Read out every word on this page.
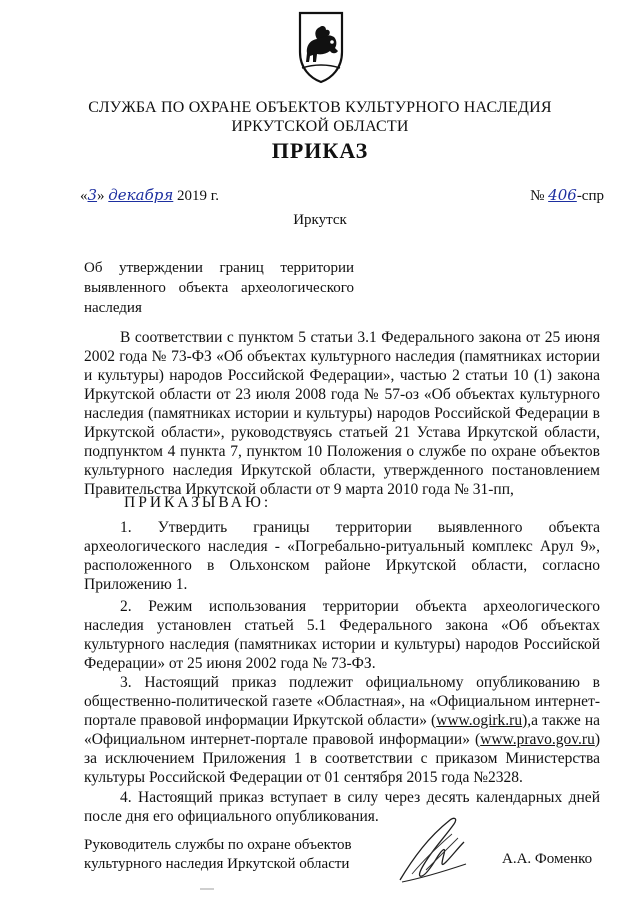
СЛУЖБА ПО ОХРАНЕ ОБЪЕКТОВ КУЛЬТУРНОГО НАСЛЕДИЯ
ИРКУТСКОЙ ОБЛАСТИ
ПРИКАЗ
«3» декабря 2019 г.	№ 406-спр
Иркутск
Об утверждении границ территории выявленного объекта археологического наследия
В соответствии с пунктом 5 статьи 3.1 Федерального закона от 25 июня 2002 года № 73-ФЗ «Об объектах культурного наследия (памятниках истории и культуры) народов Российской Федерации», частью 2 статьи 10 (1) закона Иркутской области от 23 июля 2008 года № 57-оз «Об объектах культурного наследия (памятниках истории и культуры) народов Российской Федерации в Иркутской области», руководствуясь статьей 21 Устава Иркутской области, подпунктом 4 пункта 7, пунктом 10 Положения о службе по охране объектов культурного наследия Иркутской области, утвержденного постановлением Правительства Иркутской области от 9 марта 2010 года № 31-пп,
ПРИКАЗЫВАЮ:
1. Утвердить границы территории выявленного объекта археологического наследия - «Погребально-ритуальный комплекс Арул 9», расположенного в Ольхонском районе Иркутской области, согласно Приложению 1.
2. Режим использования территории объекта археологического наследия установлен статьей 5.1 Федерального закона «Об объектах культурного наследия (памятниках истории и культуры) народов Российской Федерации» от 25 июня 2002 года № 73-ФЗ.
3. Настоящий приказ подлежит официальному опубликованию в общественно-политической газете «Областная», на «Официальном интернет-портале правовой информации Иркутской области» (www.ogirk.ru),а также на «Официальном интернет-портале правовой информации» (www.pravo.gov.ru) за исключением Приложения 1 в соответствии с приказом Министерства культуры Российской Федерации от 01 сентября 2015 года №2328.
4. Настоящий приказ вступает в силу через десять календарных дней после дня его официального опубликования.
Руководитель службы по охране объектов
культурного наследия Иркутской области	А.А. Фоменко
